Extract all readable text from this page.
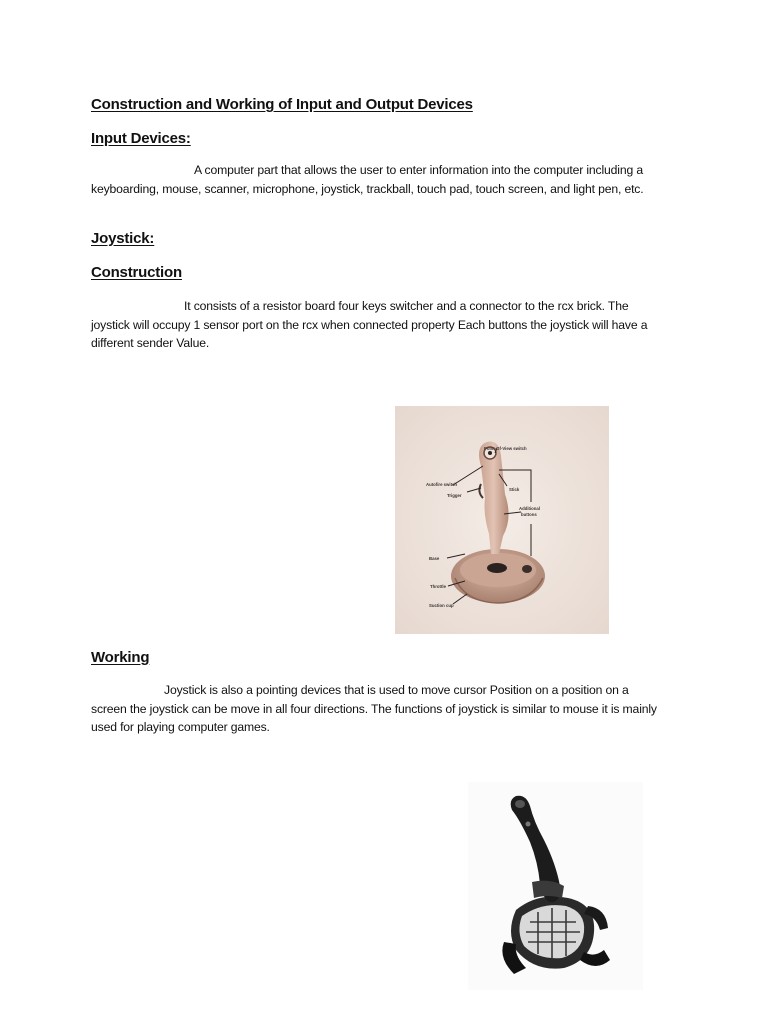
Construction and Working of Input and Output Devices
Input Devices:

A computer part that allows the user to enter information into the computer including a keyboarding, mouse, scanner, microphone, joystick, trackball, touch pad, touch screen, and light pen, etc.

Joystick:
Construction

It consists of a resistor board four keys switcher and a connector to the rcx brick. The joystick will occupy 1 sensor port on the rcx when connected property Each buttons the joystick will have a different sender Value.

Point-Of-View switch
Autofire switch
Trigger
Stick
Additional
buttons
Base
Throttle
Suction cup
Working

Joystick is also a pointing devices that is used to move cursor Position on a position on a screen the joystick can be move in all four directions. The functions of joystick is similar to mouse it is mainly used for playing computer games.
